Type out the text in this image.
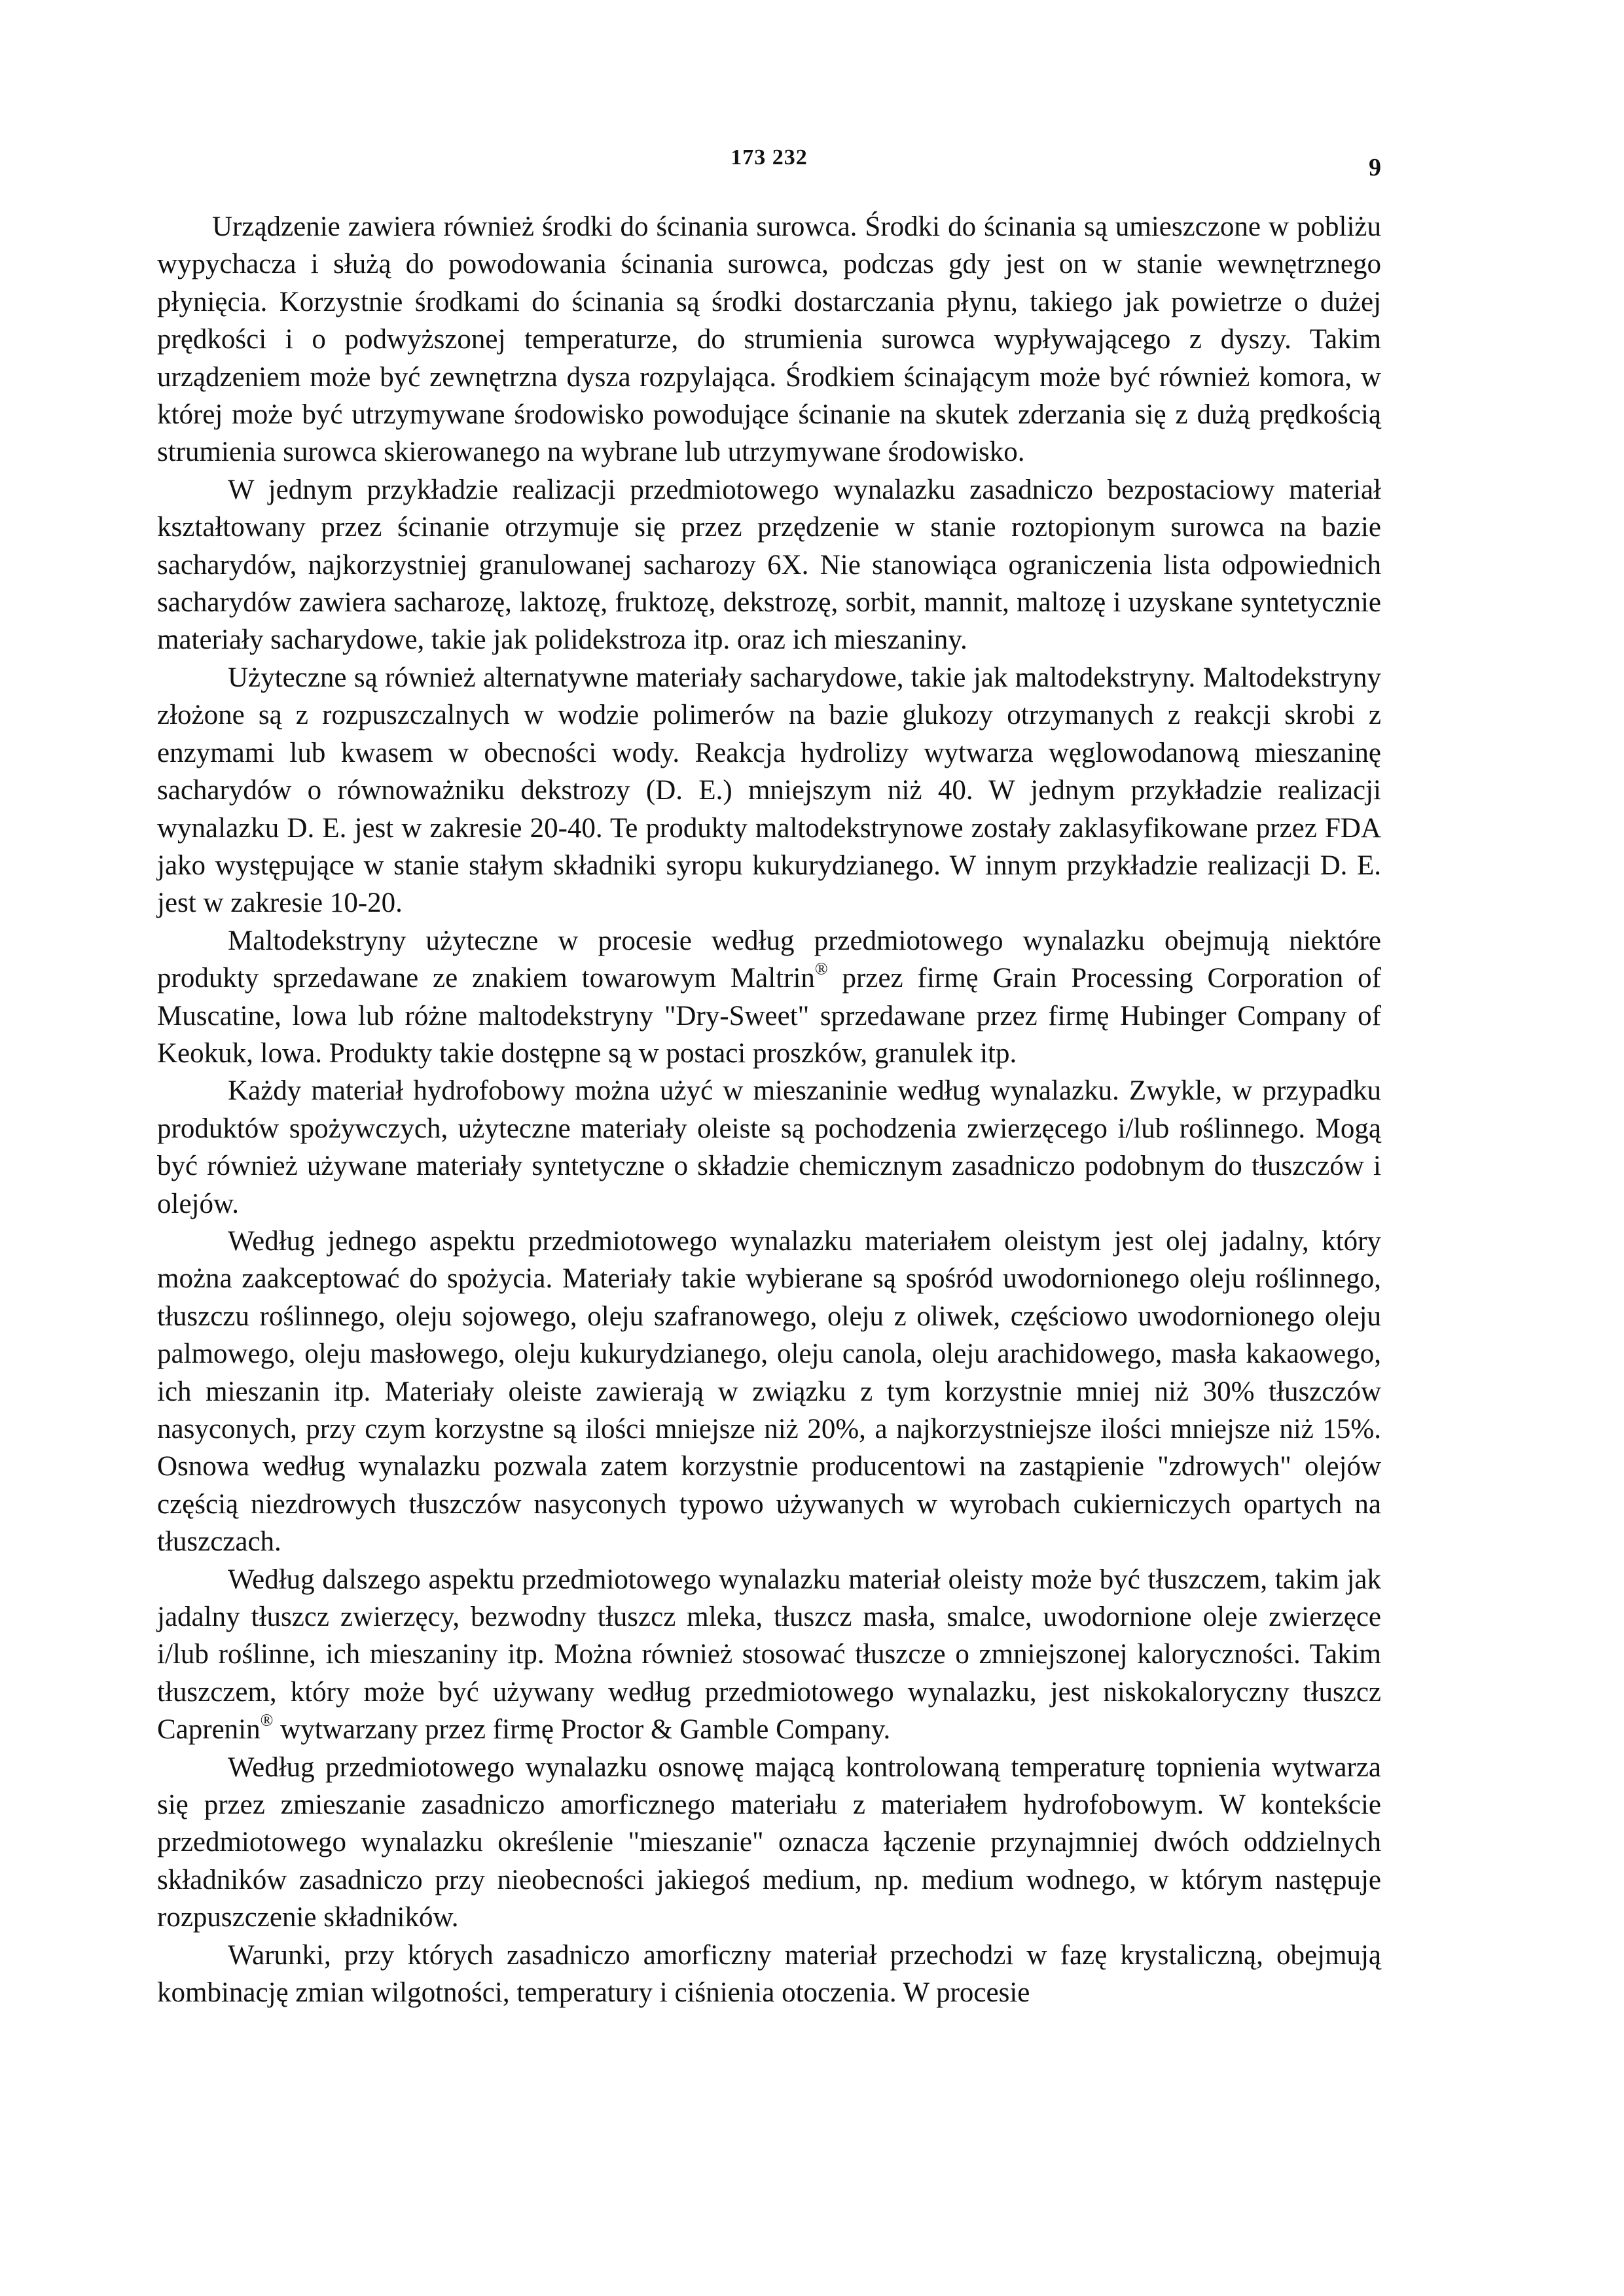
173 232	9

Urządzenie zawiera również środki do ścinania surowca. Środki do ścinania są umieszczone w pobliżu wypychacza i służą do powodowania ścinania surowca, podczas gdy jest on w stanie wewnętrznego płynięcia. Korzystnie środkami do ścinania są środki dostarczania płynu, takiego jak powietrze o dużej prędkości i o podwyższonej temperaturze, do strumienia surowca wypływającego z dyszy. Takim urządzeniem może być zewnętrzna dysza rozpylająca. Środkiem ścinającym może być również komora, w której może być utrzymywane środowisko powodujące ścinanie na skutek zderzania się z dużą prędkością strumienia surowca skierowanego na wybrane lub utrzymywane środowisko.

W jednym przykładzie realizacji przedmiotowego wynalazku zasadniczo bezpostaciowy materiał kształtowany przez ścinanie otrzymuje się przez przędzenie w stanie roztopionym surowca na bazie sacharydów, najkorzystniej granulowanej sacharozy 6X. Nie stanowiąca ograniczenia lista odpowiednich sacharydów zawiera sacharozę, laktozę, fruktozę, dekstrozę, sorbit, mannit, maltozę i uzyskane syntetycznie materiały sacharydowe, takie jak polidekstroza itp. oraz ich mieszaniny.

Użyteczne są również alternatywne materiały sacharydowe, takie jak maltodekstryny. Maltodekstryny złożone są z rozpuszczalnych w wodzie polimerów na bazie glukozy otrzymanych z reakcji skrobi z enzymami lub kwasem w obecności wody. Reakcja hydrolizy wytwarza węglowodanową mieszaninę sacharydów o równoważniku dekstrozy (D. E.) mniejszym niż 40. W jednym przykładzie realizacji wynalazku D. E. jest w zakresie 20-40. Te produkty maltodekstrynowe zostały zaklasyfikowane przez FDA jako występujące w stanie stałym składniki syropu kukurydzianego. W innym przykładzie realizacji D. E. jest w zakresie 10-20.

Maltodekstryny użyteczne w procesie według przedmiotowego wynalazku obejmują niektóre produkty sprzedawane ze znakiem towarowym Maltrin® przez firmę Grain Processing Corporation of Muscatine, lowa lub różne maltodekstryny "Dry-Sweet" sprzedawane przez firmę Hubinger Company of Keokuk, lowa. Produkty takie dostępne są w postaci proszków, granulek itp.

Każdy materiał hydrofobowy można użyć w mieszaninie według wynalazku. Zwykle, w przypadku produktów spożywczych, użyteczne materiały oleiste są pochodzenia zwierzęcego i/lub roślinnego. Mogą być również używane materiały syntetyczne o składzie chemicznym zasadniczo podobnym do tłuszczów i olejów.

Według jednego aspektu przedmiotowego wynalazku materiałem oleistym jest olej jadalny, który można zaakceptować do spożycia. Materiały takie wybierane są spośród uwodornionego oleju roślinnego, tłuszczu roślinnego, oleju sojowego, oleju szafranowego, oleju z oliwek, częściowo uwodornionego oleju palmowego, oleju masłowego, oleju kukurydzianego, oleju canola, oleju arachidowego, masła kakaowego, ich mieszanin itp. Materiały oleiste zawierają w związku z tym korzystnie mniej niż 30% tłuszczów nasyconych, przy czym korzystne są ilości mniejsze niż 20%, a najkorzystniejsze ilości mniejsze niż 15%. Osnowa według wynalazku pozwala zatem korzystnie producentowi na zastąpienie "zdrowych" olejów częścią niezdrowych tłuszczów nasyconych typowo używanych w wyrobach cukierniczych opartych na tłuszczach.

Według dalszego aspektu przedmiotowego wynalazku materiał oleisty może być tłuszczem, takim jak jadalny tłuszcz zwierzęcy, bezwodny tłuszcz mleka, tłuszcz masła, smalce, uwodornione oleje zwierzęce i/lub roślinne, ich mieszaniny itp. Można również stosować tłuszcze o zmniejszonej kaloryczności. Takim tłuszczem, który może być używany według przedmiotowego wynalazku, jest niskokaloryczny tłuszcz Caprenin® wytwarzany przez firmę Proctor & Gamble Company.

Według przedmiotowego wynalazku osnowę mającą kontrolowaną temperaturę topnienia wytwarza się przez zmieszanie zasadniczo amorficznego materiału z materiałem hydrofobowym. W kontekście przedmiotowego wynalazku określenie "mieszanie" oznacza łączenie przynajmniej dwóch oddzielnych składników zasadniczo przy nieobecności jakiegoś medium, np. medium wodnego, w którym następuje rozpuszczenie składników.

Warunki, przy których zasadniczo amorficzny materiał przechodzi w fazę krystaliczną, obejmują kombinację zmian wilgotności, temperatury i ciśnienia otoczenia. W procesie
